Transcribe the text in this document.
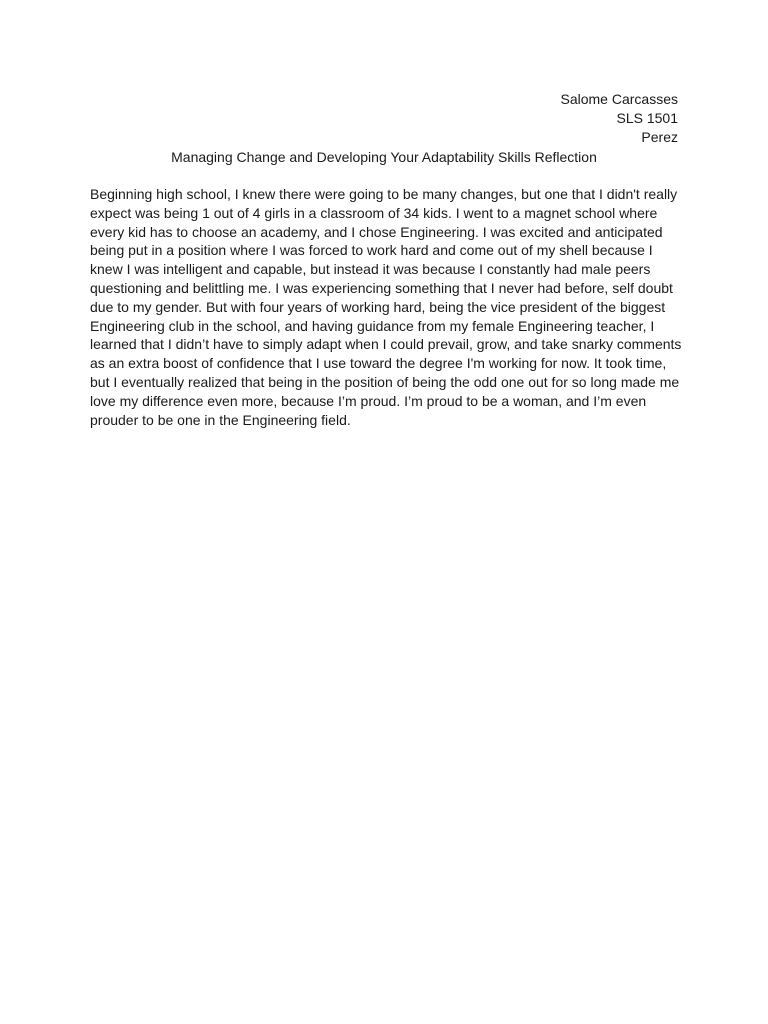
Salome Carcasses
SLS 1501
Perez
Managing Change and Developing Your Adaptability Skills Reflection

Beginning high school, I knew there were going to be many changes, but one that I didn't really expect was being 1 out of 4 girls in a classroom of 34 kids. I went to a magnet school where every kid has to choose an academy, and I chose Engineering. I was excited and anticipated being put in a position where I was forced to work hard and come out of my shell because I knew I was intelligent and capable, but instead it was because I constantly had male peers questioning and belittling me. I was experiencing something that I never had before, self doubt due to my gender. But with four years of working hard, being the vice president of the biggest Engineering club in the school, and having guidance from my female Engineering teacher, I learned that I didn’t have to simply adapt when I could prevail, grow, and take snarky comments as an extra boost of confidence that I use toward the degree I'm working for now. It took time, but I eventually realized that being in the position of being the odd one out for so long made me love my difference even more, because I’m proud. I’m proud to be a woman, and I’m even prouder to be one in the Engineering field.
